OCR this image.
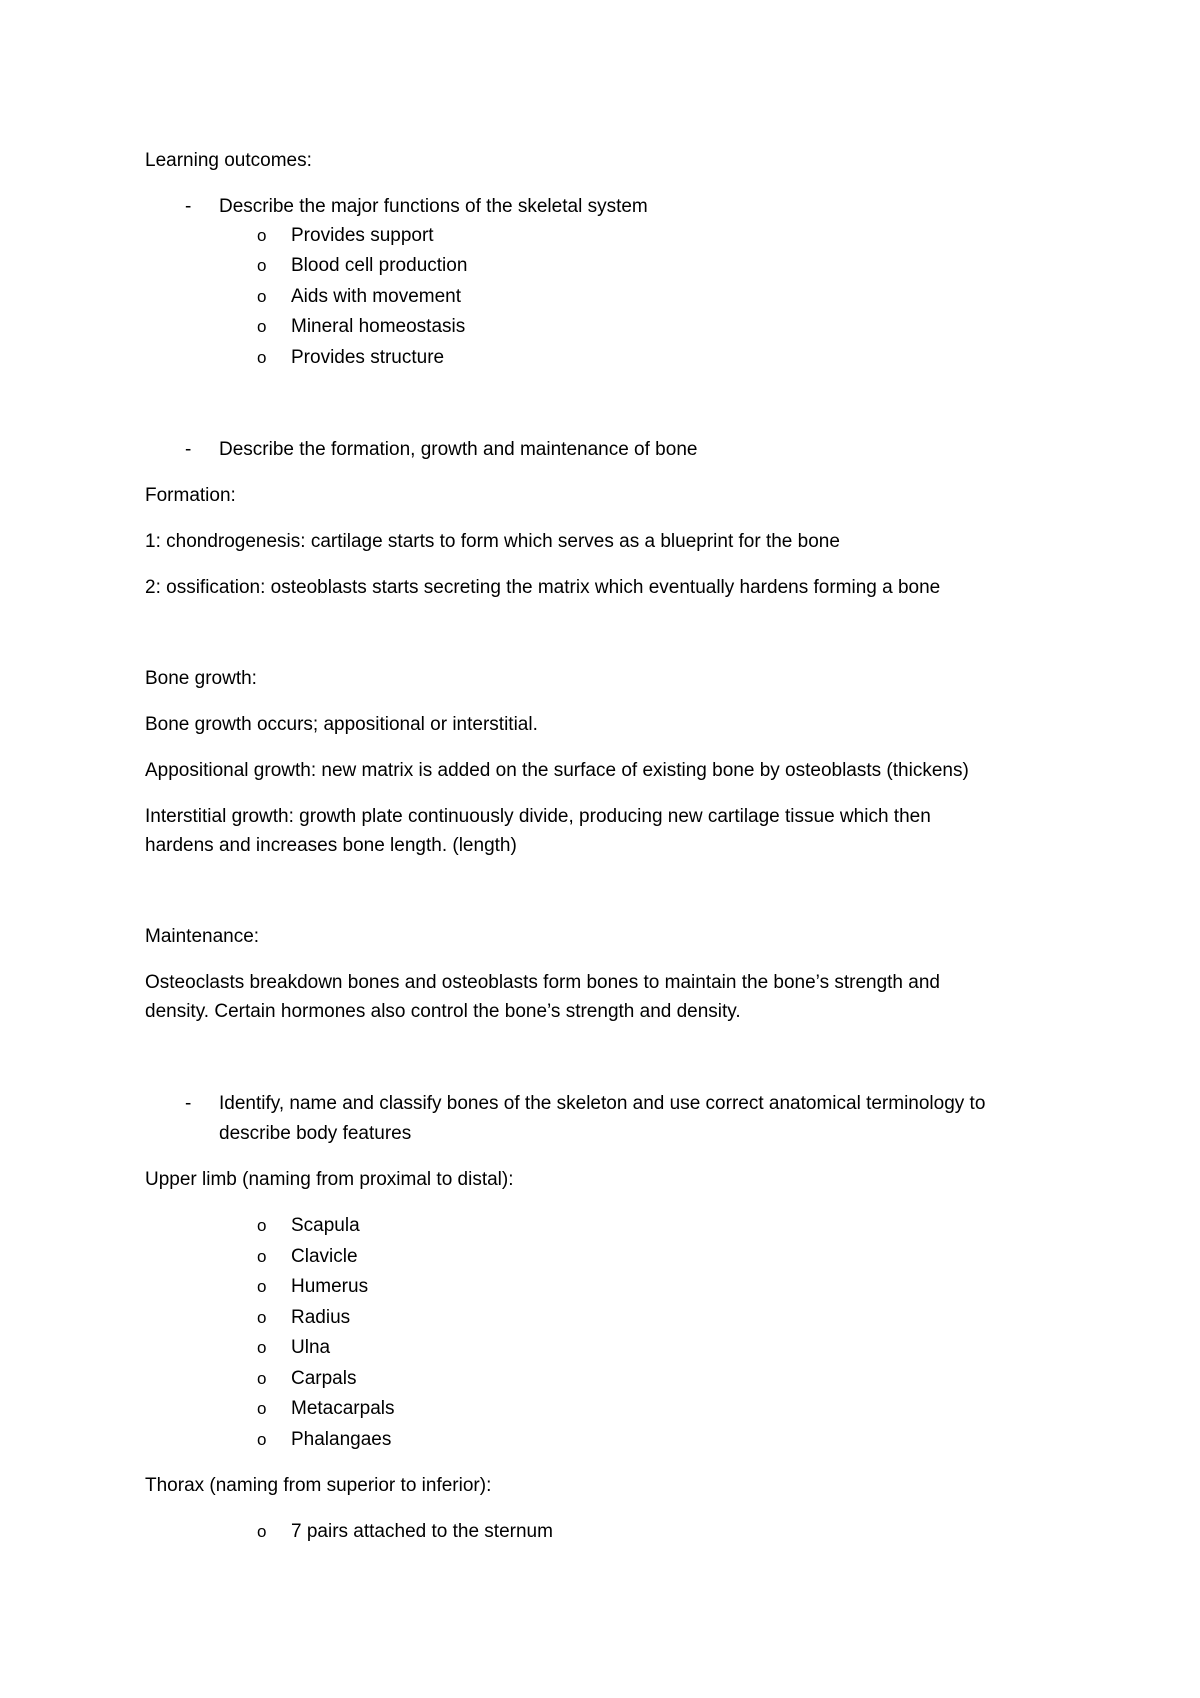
Learning outcomes:
- Describe the major functions of the skeletal system
o Provides support
o Blood cell production
o Aids with movement
o Mineral homeostasis
o Provides structure
- Describe the formation, growth and maintenance of bone
Formation:
1: chondrogenesis: cartilage starts to form which serves as a blueprint for the bone
2: ossification: osteoblasts starts secreting the matrix which eventually hardens forming a bone
Bone growth:
Bone growth occurs; appositional or interstitial.
Appositional growth: new matrix is added on the surface of existing bone by osteoblasts (thickens)
Interstitial growth: growth plate continuously divide, producing new cartilage tissue which then
hardens and increases bone length. (length)
Maintenance:
Osteoclasts breakdown bones and osteoblasts form bones to maintain the bone’s strength and
density. Certain hormones also control the bone’s strength and density.
- Identify, name and classify bones of the skeleton and use correct anatomical terminology to
describe body features
Upper limb (naming from proximal to distal):
o Scapula
o Clavicle
o Humerus
o Radius
o Ulna
o Carpals
o Metacarpals
o Phalangaes
Thorax (naming from superior to inferior):
o 7 pairs attached to the sternum
